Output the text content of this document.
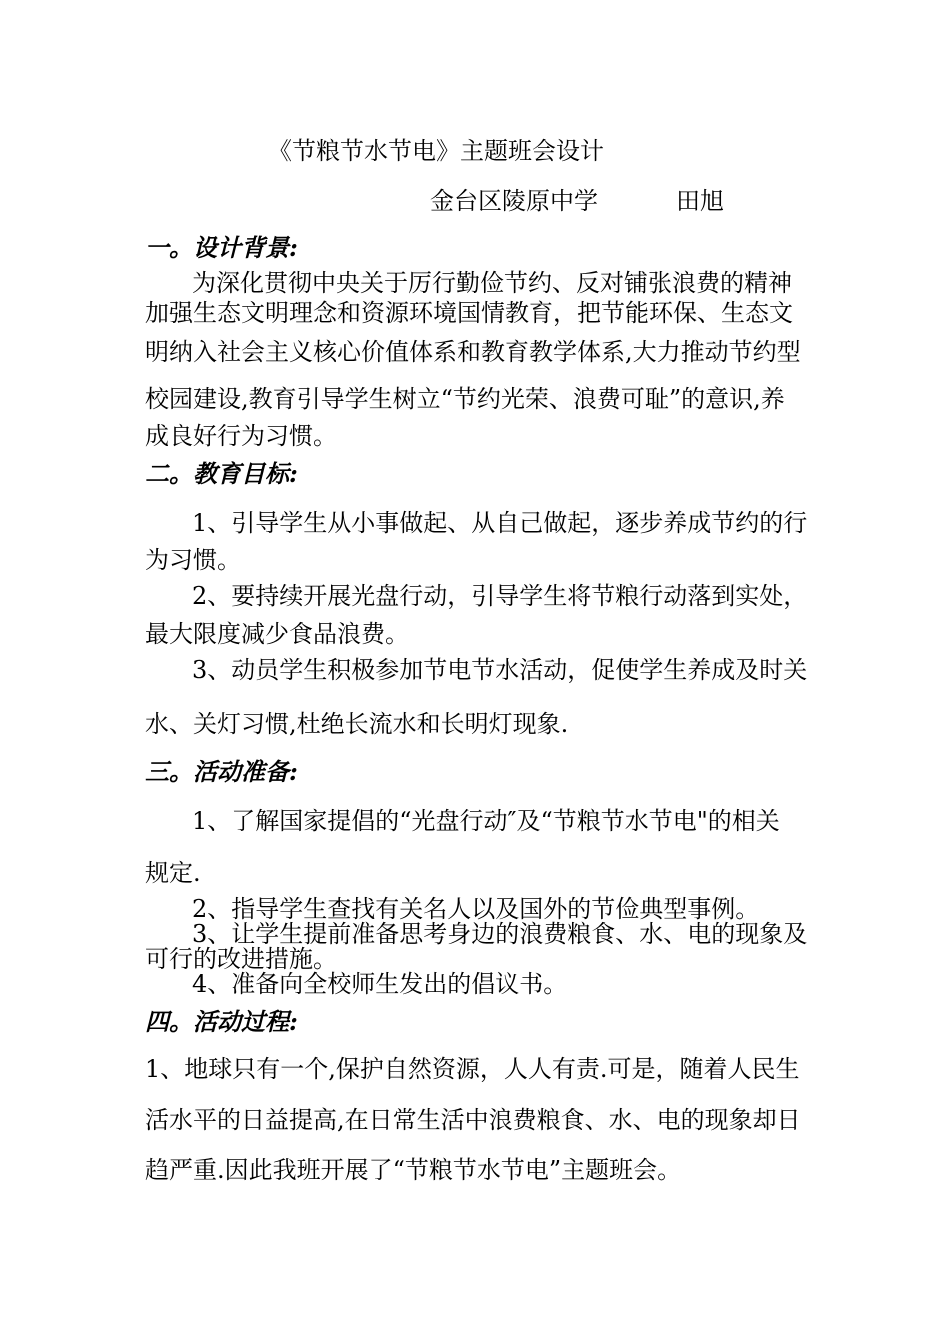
《节粮节水节电》主题班会设计

金台区陵原中学	田旭

一。设计背景:

为深化贯彻中央关于厉行勤俭节约、反对铺张浪费的精神

加强生态文明理念和资源环境国情教育，把节能环保、生态文

明纳入社会主义核心价值体系和教育教学体系,大力推动节约型

校园建设,教育引导学生树立“节约光荣、浪费可耻”的意识,养

成良好行为习惯。

二。教育目标:

1、引导学生从小事做起、从自己做起，逐步养成节约的行

为习惯。

2、要持续开展光盘行动，引导学生将节粮行动落到实处，

最大限度减少食品浪费。

3、动员学生积极参加节电节水活动，促使学生养成及时关

水、关灯习惯,杜绝长流水和长明灯现象.

三。活动准备:

1、了解国家提倡的“光盘行动″及“节粮节水节电"的相关

规定.

2、指导学生查找有关名人以及国外的节俭典型事例。

3、让学生提前准备思考身边的浪费粮食、水、电的现象及

可行的改进措施。

4、准备向全校师生发出的倡议书。

四。活动过程:

1、地球只有一个,保护自然资源，人人有责.可是，随着人民生

活水平的日益提高,在日常生活中浪费粮食、水、电的现象却日

趋严重.因此我班开展了“节粮节水节电”主题班会。
